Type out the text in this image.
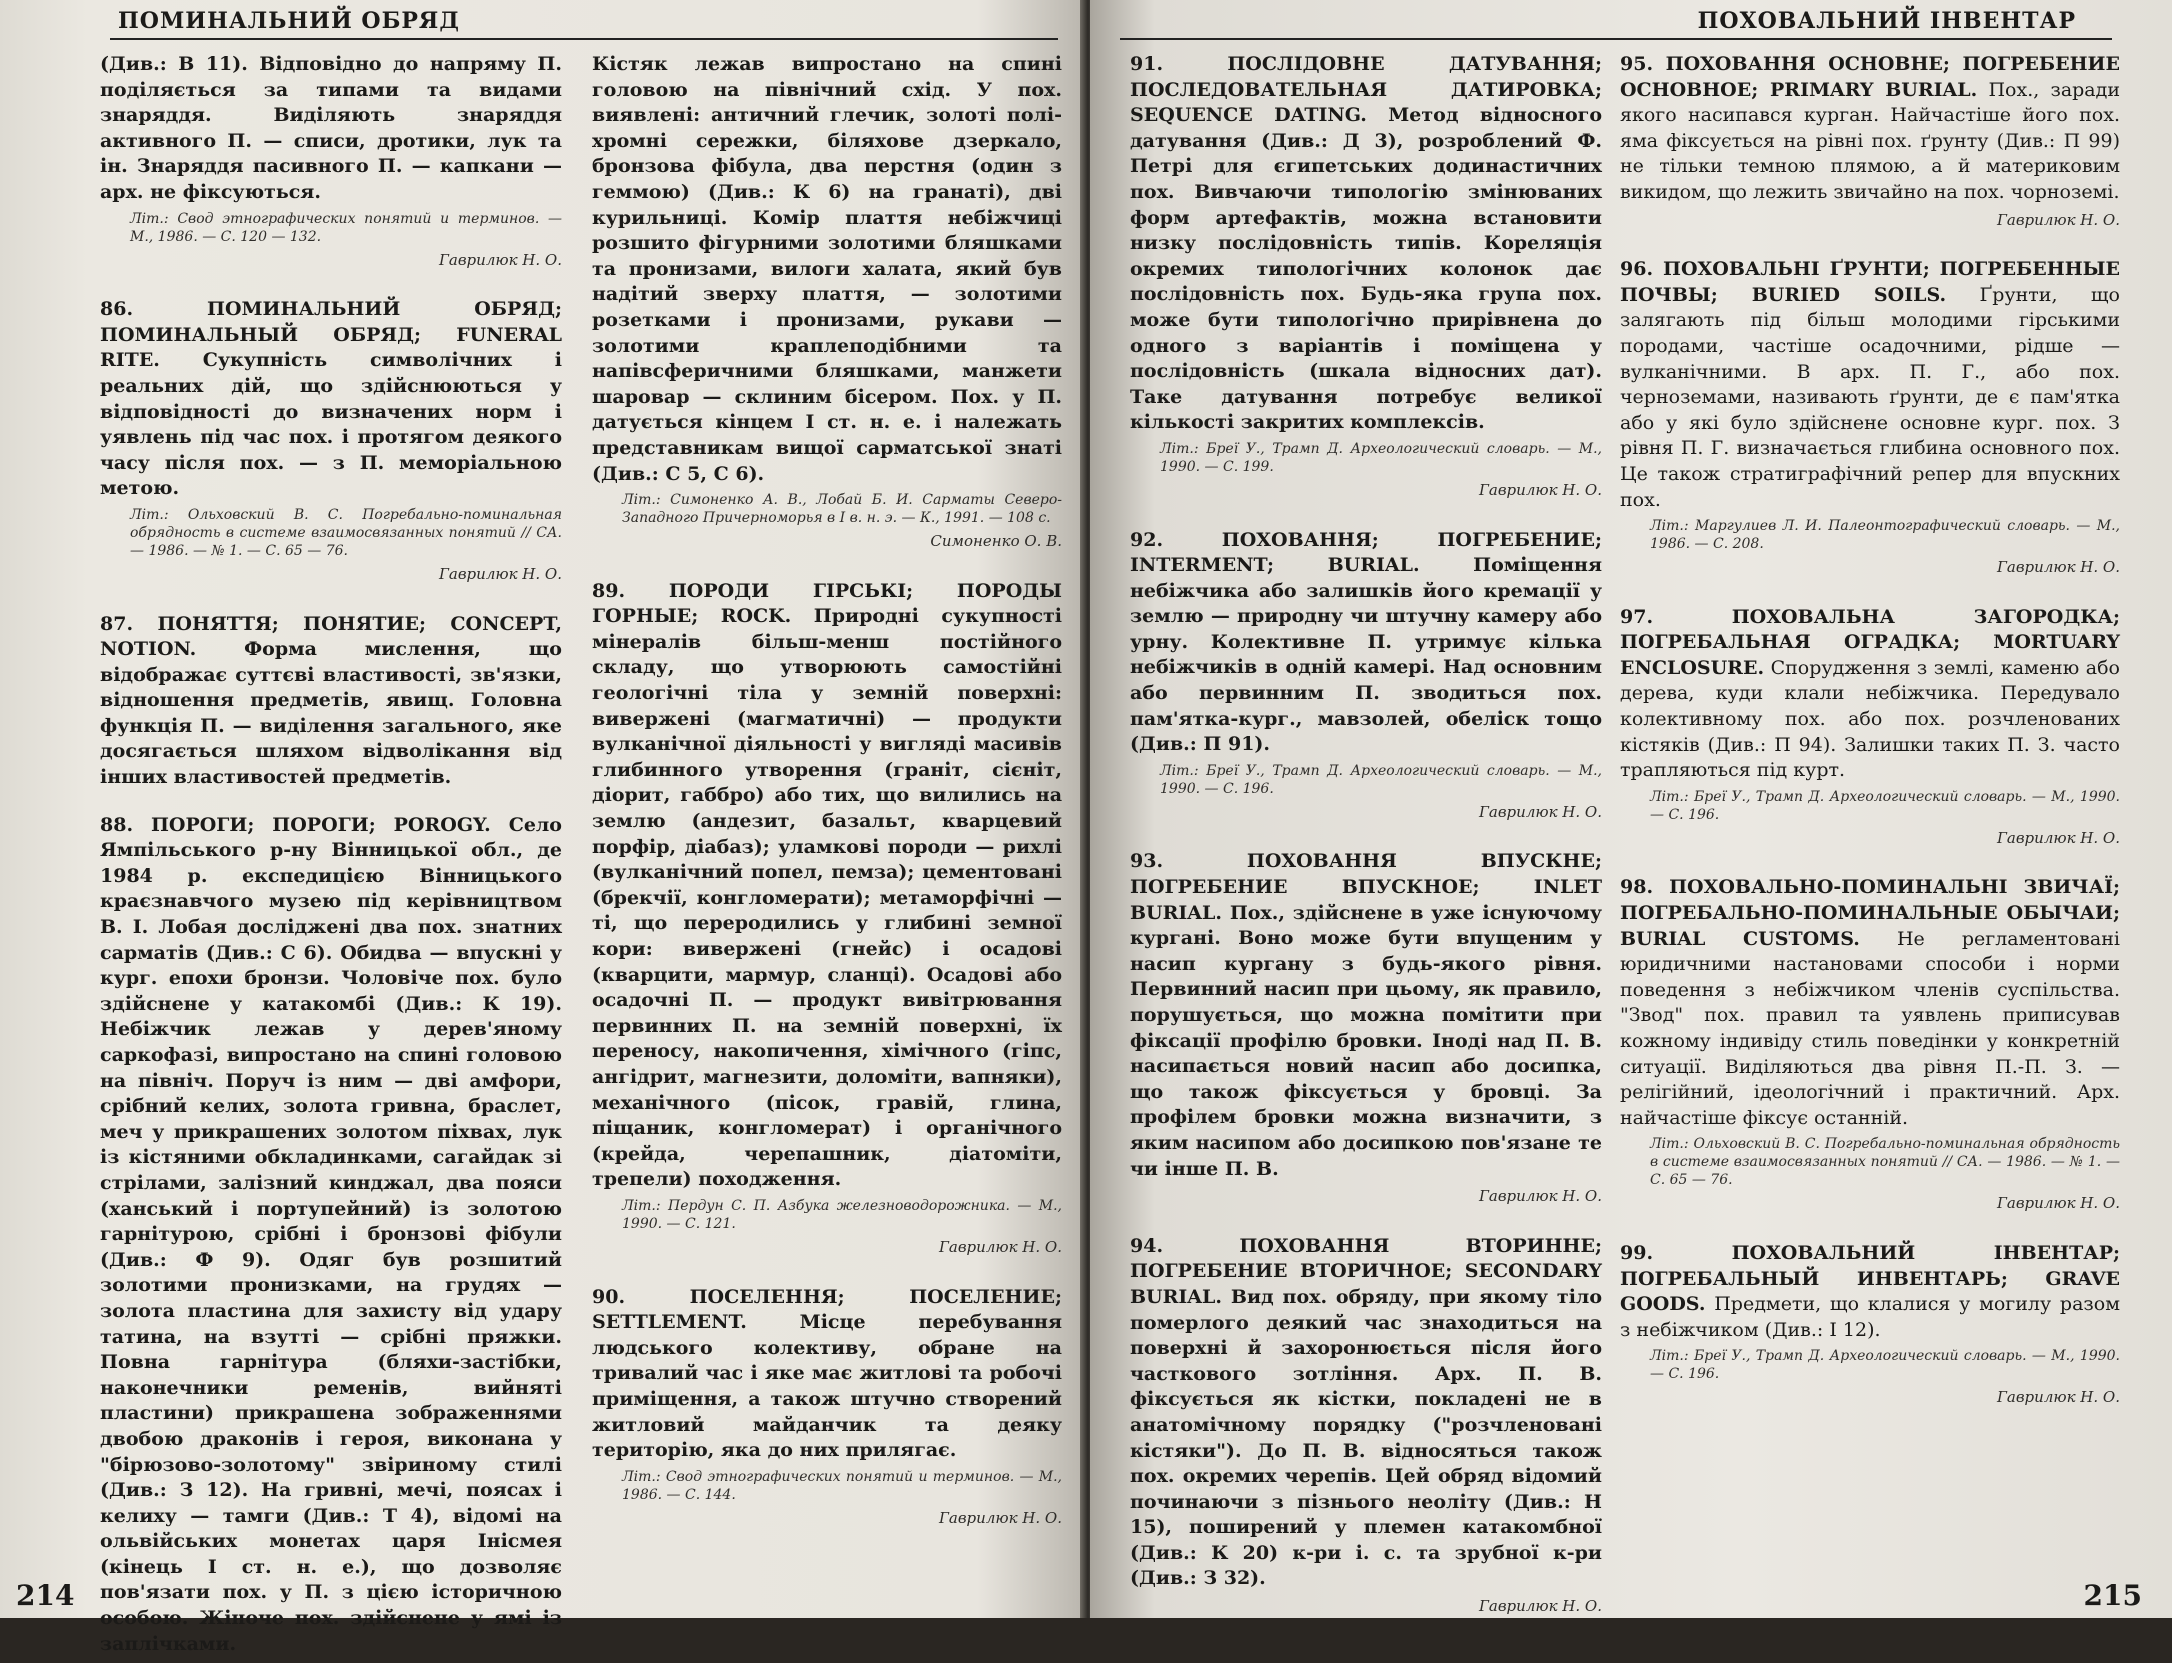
ПОМИНАЛЬНИЙ ОБРЯД
(Див.: В 11). Відповідно до напряму П. поділяється за типами та видами знаряддя. Виділяють знаряддя активного П. — списи, дротики, лук та ін. Знаряддя пасивного П. — капкани — арх. не фіксуються.
Літ.: Cвод этнографических понятий и терминов. — М., 1986. — С. 120 — 132.
Гаврилюк Н. О.
86. ПОМИНАЛЬНИЙ ОБРЯД; ПОМИНАЛЬНЫЙ ОБРЯД; FUNERAL RITE. Сукупність символічних і реальних дій, що здійснюються у відповідності до визначених норм і уявлень під час пох. і протягом деякого часу після пох. — з П. меморіальною метою.
Літ.: Ольховский В. С. Погребально-поминальная обрядность в системе взаимосвязанных понятий // СА. — 1986. — № 1. — С. 65 — 76.
Гаврилюк Н. О.
87. ПОНЯТТЯ; ПОНЯТИЕ; CONCEPT, NOTION.	Форма мислення, що відображає суттєві властивості, зв'язки, відношення предметів, явищ. Головна функція П. — виділення загального, яке досягається шляхом відволікання від інших властивостей предметів.
88. ПОРОГИ; ПОРОГИ; POROGY. Село Ямпільського р-ну Вінницької обл., де 1984 р. експедицією Вінницького краєзнавчого музею під керівництвом В. І. Лобая досліджені два пох. знатних сарматів (Див.: С 6). Обидва — впускні у кург. епохи бронзи. Чоловіче пох. було здійснене у катакомбі (Див.: К 19). Небіжчик лежав у дерев'яному саркофазі, випростано на спині головою на північ. Поруч із ним — дві амфори, срібний келих, золота гривна, браслет, меч у прикрашених золотом піхвах, лук із кістяними обкладинками, сагайдак зі стрілами, залізний кинджал, два пояси (ханський і портупейний) із золотою гарнітурою, срібні і бронзові фібули (Див.: Ф 9). Одяг був розшитий золотими пронизками, на грудях — золота пластина для захисту від удару татина, на взутті — срібні пряжки. Повна гарнітура (бляхи-застібки, наконечники ременів, вийняті пластини) прикрашена зображеннями двобою драконів і героя, виконана у "бірюзово-золотому" звіриному стилі (Див.: З 12). На гривні, мечі, поясах і келиху — тамги (Див.: Т 4), відомі на ольвійських монетах царя Інісмея (кінець І ст. н. е.), що дозволяє пов'язати пох. у П. з цією історичною особою. Жіноче пох. здійснене у ямі із заплічками.
Кістяк лежав випростано на спині головою на північний схід. У пох. виявлені: античний глечик, золоті полі-хромні сережки, біляхове дзеркало, бронзова фібула, два перстня (один з геммою) (Див.: К 6) на гранаті), дві курильниці. Комір плаття небіжчиці розшито фігурними золотими бляшками та пронизами, вилоги халата, який був надітий зверху плаття, — золотими розетками і пронизами, рукави — золотими краплеподібними та напівсферичними бляшками, манжети шаровар — склиним бісером. Пох. у П. датується кінцем І ст. н. е. і належать представникам вищої сарматської знаті (Див.: С 5, С 6).
Літ.: Симоненко А. В., Лобай Б. И. Сарматы Северо-Западного Причерноморья в І в. н. э. — К., 1991. — 108 с.
Симоненко О. В.
89. ПОРОДИ ГІРСЬКІ; ПОРОДЫ ГОРНЫЕ; ROCK. Природні сукупності мінералів більш-менш постійного складу, що утворюють самостійні геологічні тіла у земній поверхні: виверженi (магматичні) — продукти вулканічної діяльності у вигляді масивів глибинного утворення (граніт, сієніт, діорит, габбро) або тих, що вилились на землю (андезит, базальт, кварцевий порфір, діабаз); уламкові породи — рихлі (вулканічний попел, пемза); цементовані (брекчії, конгломерати); метаморфічні — ті, що переродились у глибині земної кори: виверженi (гнейс) і осадові (кварцити, мармур, сланці). Осадові або осадочні П. — продукт вивітрювання первинних П. на земній поверхні, їх переносу, накопичення, хімічного (гіпс, ангідрит, магнезити, доломіти, вапняки), механічного (пісок, гравій, глина, піщаник, конгломерат) і органічного (крейда, черепашник, діатоміти, трепели) походження.
Літ.: Пердун С. П. Азбука железноводорожника. — М., 1990. — С. 121.
Гаврилюк Н. О.
90. ПОСЕЛЕННЯ; ПОСЕЛЕНИЕ; SETTLEMENT.	Місце перебування людського колективу, обране на тривалий час і яке має житлові та робочі приміщення, а також штучно створений житловий майданчик та деяку територію, яка до них прилягає.
Літ.: Свод этнографических понятий и терминов. — М., 1986. — С. 144.
Гаврилюк Н. О.
214
ПОХОВАЛЬНИЙ ІНВЕНТАР
91. ПОСЛІДОВНЕ ДАТУВАННЯ; ПОСЛЕДОВАТЕЛЬНАЯ ДАТИРОВКА; SEQUENCE DATING. Метод відносного датування (Див.: Д 3), розроблений Ф. Петрі для єгипетських додинастичних пох. Вивчаючи типологію змінюваних форм артефактів, можна встановити низку послідовність типів. Кореляція окремих типологічних колонок дає послідовність пох. Будь-яка група пох. може бути типологічно прирівнена до одного з варіантів і поміщена у послідовність (шкала відносних дат). Таке датування потребує великої кількості закритих комплексів.
Літ.: Бреї У., Трамп Д. Археологический словарь. — М., 1990. — С. 199.
Гаврилюк Н. О.
92. ПОХОВАННЯ; ПОГРЕБЕНИЕ; INTERMENT; BURIAL.	Поміщення небіжчика або залишків його кремації у землю — природну чи штучну камеру або урну. Колективне П. утримує кілька небіжчиків в одній камері. Над основним або первинним П. зводиться пох. пам'ятка-кург., мавзолей, обеліск тощо (Див.: П 91).
Літ.: Бреї У., Трамп Д. Археологический словарь. — М., 1990. — С. 196.
Гаврилюк Н. О.
93. ПОХОВАННЯ ВПУСКНЕ; ПОГРЕБЕНИЕ ВПУСКНОЕ; INLET BURIAL. Пох., здійснене в уже існуючому кургані. Воно може бути впущеним у насип кургану з будь-якого рівня. Первинний насип при цьому, як правило, порушується, що можна помітити при фіксації профілю бровки. Іноді над П. В. насипається новий насип або досипка, що також фіксується у бровці. За профілем бровки можна визначити, з яким насипом або досипкою пов'язане те чи інше П. В.
Гаврилюк Н. О.
94. ПОХОВАННЯ ВТОРИННЕ; ПОГРЕБЕНИЕ ВТОРИЧНОЕ; SECONDARY BURIAL. Вид пох. обряду, при якому тіло померлого деякий час знаходиться на поверхні й захоронюється після його часткового зотління. Арх. П. В. фіксується як кістки, покладені не в анатомічному порядку ("розчленовані кістяки"). До П. В. відносяться також пох. окремих черепів. Цей обряд відомий починаючи з пізнього неоліту (Див.: Н 15), поширений у племен катакомбної (Див.: К 20) к-ри і. с. та зрубної к-ри (Див.: З 32).
Гаврилюк Н. О.
95. ПОХОВАННЯ ОСНОВНЕ; ПОГРЕБЕНИЕ ОСНОВНОЕ; PRIMARY BURIAL. Пох., заради якого насипався курган. Найчастіше його пох. яма фіксується на рівні пох. ґрунту (Див.: П 99) не тільки темною плямою, а й материковим викидом, що лежить звичайно на пох. чорноземі.
Гаврилюк Н. О.
96. ПОХОВАЛЬНІ ҐРУНТИ; ПОГРЕБЕННЫЕ ПОЧВЫ; BURIED SOILS. Ґрунти, що залягають під більш молодими гірськими породами, частіше осадочними, рідше — вулканічними. В арх. П. Г., або пох. черноземами, називають ґрунти, де є пам'ятка або у які було здійснене основне кург. пох. З рівня П. Г. визначається глибина основного пох. Це також стратиграфічний репер для впускних пох.
Літ.: Маргулиев Л. И. Палеонтографический словарь. — М., 1986. — С. 208.
Гаврилюк Н. О.
97. ПОХОВАЛЬНА ЗАГОРОДКА; ПОГРЕБАЛЬНАЯ ОГРАДКА; MORTUARY ENCLOSURE. Спорудження з землі, каменю або дерева, куди клали небіжчика. Передувало колективному пох. або пох. розчленованих кістяків (Див.: П 94). Залишки таких П. З. часто трапляються під курт.
Літ.: Бреї У., Трамп Д. Археологический словарь. — М., 1990. — С. 196.
Гаврилюк Н. О.
98. ПОХОВАЛЬНО-ПОМИНАЛЬНІ ЗВИЧАЇ; ПОГРЕБАЛЬНО-ПОМИНАЛЬНЫЕ ОБЫЧАИ; BURIAL CUSTOMS. Не регламентовані юридичними настановами способи і норми поведення з небіжчиком членів суспільства. "Звод" пох. правил та уявлень приписував кожному індивіду стиль поведінки у конкретній ситуації. Виділяються два рівня П.-П. З. — релігійний, ідеологічний і практичний. Арх. найчастіше фіксує останній.
Літ.: Ольховский В. С. Погребально-поминальная обрядность в системе взаимосвязанных понятий // СА. — 1986. — № 1. — С. 65 — 76.
Гаврилюк Н. О.
99. ПОХОВАЛЬНИЙ ІНВЕНТАР; ПОГРЕБАЛЬНЫЙ ИНВЕНТАРЬ; GRAVE GOODS. Предмети, що клалися у могилу разом з небіжчиком (Див.: І 12).
Літ.: Бреї У., Трамп Д. Археологический словарь. — М., 1990. — С. 196.
Гаврилюк Н. О.
215
